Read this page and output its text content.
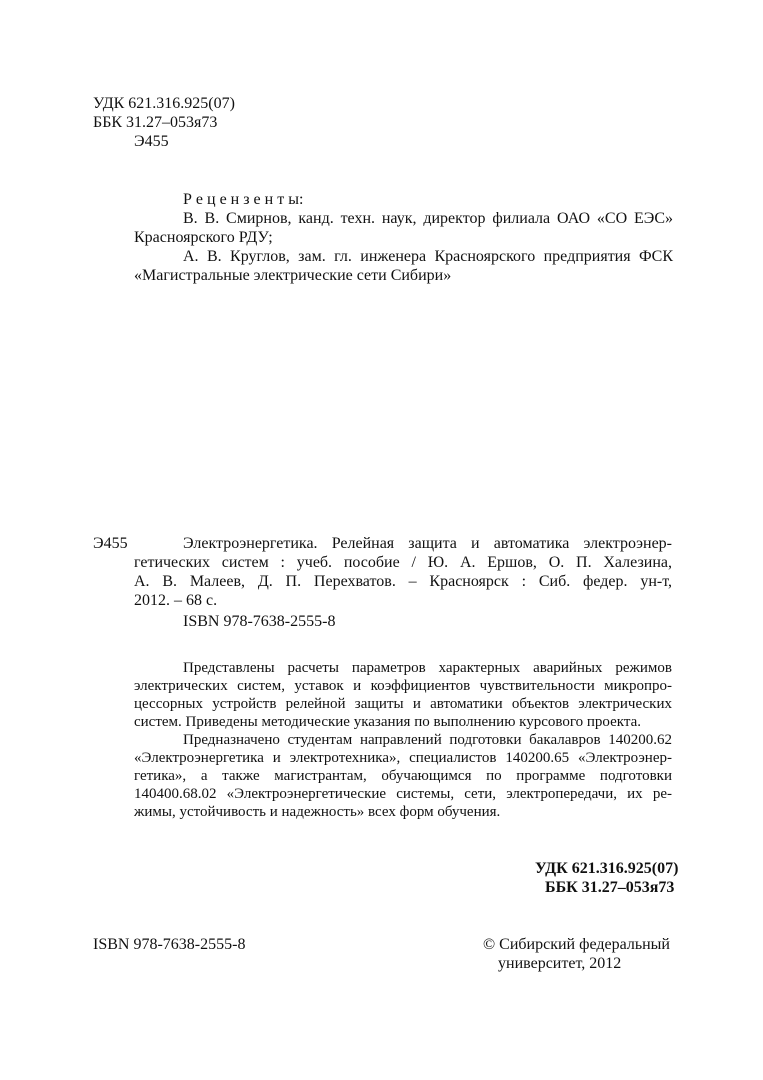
УДК 621.316.925(07)
ББК 31.27–053я73
Э455
Р е ц е н з е н т ы:
В. В. Смирнов, канд. техн. наук, директор филиала ОАО «СО ЕЭС»
Красноярского РДУ;
А. В. Круглов, зам. гл. инженера Красноярского предприятия ФСК
«Магистральные электрические сети Сибири»
Э455	Электроэнергетика. Релейная защита и автоматика электроэнер-
гетических систем : учеб. пособие / Ю. А. Ершов, О. П. Халезина,
А. В. Малеев, Д. П. Перехватов. – Красноярск : Сиб. федер. ун-т,
2012. – 68 с.
ISBN 978-7638-2555-8
Представлены расчеты параметров характерных аварийных режимов
электрических систем, уставок и коэффициентов чувствительности микропро-
цессорных устройств релейной защиты и автоматики объектов электрических
систем. Приведены методические указания по выполнению курсового проекта.
Предназначено студентам направлений подготовки бакалавров 140200.62
«Электроэнергетика и электротехника», специалистов 140200.65 «Электроэнер-
гетика», а также магистрантам, обучающимся по программе подготовки
140400.68.02 «Электроэнергетические системы, сети, электропередачи, их ре-
жимы, устойчивость и надежность» всех форм обучения.
УДК 621.316.925(07)
ББК 31.27–053я73
ISBN 978-7638-2555-8	© Сибирский федеральный
университет, 2012
